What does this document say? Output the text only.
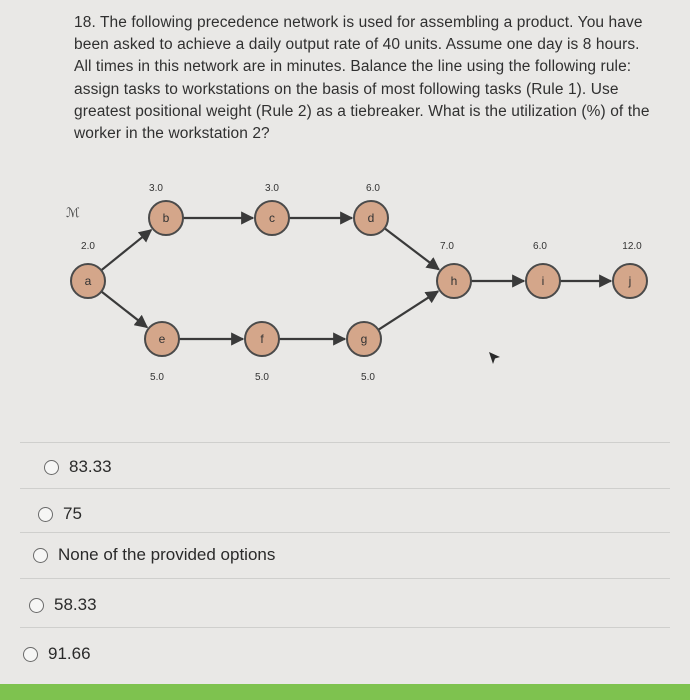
18. The following precedence network is used for assembling a product. You have been asked to achieve a daily output rate of 40 units. Assume one day is 8 hours. All times in this network are in minutes. Balance the line using the following rule: assign tasks to workstations on the basis of most following tasks (Rule 1). Use greatest positional weight (Rule 2) as a tiebreaker. What is the utilization (%) of the worker in the workstation 2?
ℳ
a
2.0
b
3.0
c
3.0
d
6.0
e
5.0
f
5.0
g
5.0
h
7.0
i
6.0
j
12.0
83.33
75
None of the provided options
58.33
91.66
